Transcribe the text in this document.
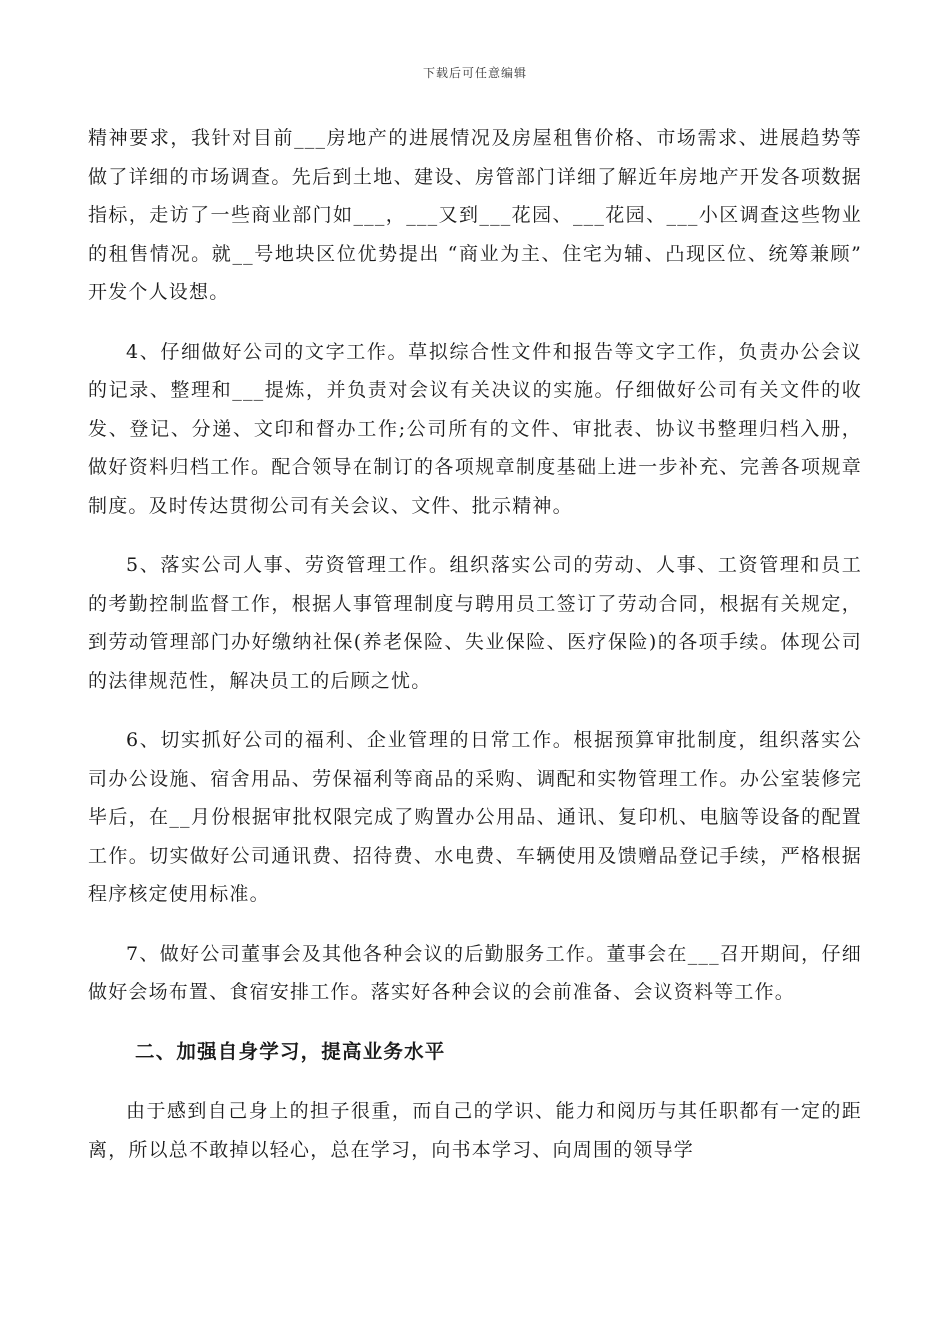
下载后可任意编辑

精神要求，我针对目前___房地产的进展情况及房屋租售价格、市场需求、进展趋势等做了详细的市场调查。先后到土地、建设、房管部门详细了解近年房地产开发各项数据指标，走访了一些商业部门如___，___又到___花园、___花园、___小区调查这些物业的租售情况。就__号地块区位优势提出 “商业为主、住宅为辅、凸现区位、统筹兼顾” 开发个人设想。

4、仔细做好公司的文字工作。草拟综合性文件和报告等文字工作，负责办公会议的记录、整理和___提炼，并负责对会议有关决议的实施。仔细做好公司有关文件的收发、登记、分递、文印和督办工作;公司所有的文件、审批表、协议书整理归档入册，做好资料归档工作。配合领导在制订的各项规章制度基础上进一步补充、完善各项规章制度。及时传达贯彻公司有关会议、文件、批示精神。

5、落实公司人事、劳资管理工作。组织落实公司的劳动、人事、工资管理和员工的考勤控制监督工作，根据人事管理制度与聘用员工签订了劳动合同，根据有关规定，到劳动管理部门办好缴纳社保(养老保险、失业保险、医疗保险)的各项手续。体现公司的法律规范性，解决员工的后顾之忧。

6、切实抓好公司的福利、企业管理的日常工作。根据预算审批制度，组织落实公司办公设施、宿舍用品、劳保福利等商品的采购、调配和实物管理工作。办公室装修完毕后，在__月份根据审批权限完成了购置办公用品、通讯、复印机、电脑等设备的配置工作。切实做好公司通讯费、招待费、水电费、车辆使用及馈赠品登记手续，严格根据程序核定使用标准。

7、做好公司董事会及其他各种会议的后勤服务工作。董事会在___召开期间，仔细做好会场布置、食宿安排工作。落实好各种会议的会前准备、会议资料等工作。

二、加强自身学习，提高业务水平

由于感到自己身上的担子很重，而自己的学识、能力和阅历与其任职都有一定的距离，所以总不敢掉以轻心，总在学习，向书本学习、向周围的领导学
